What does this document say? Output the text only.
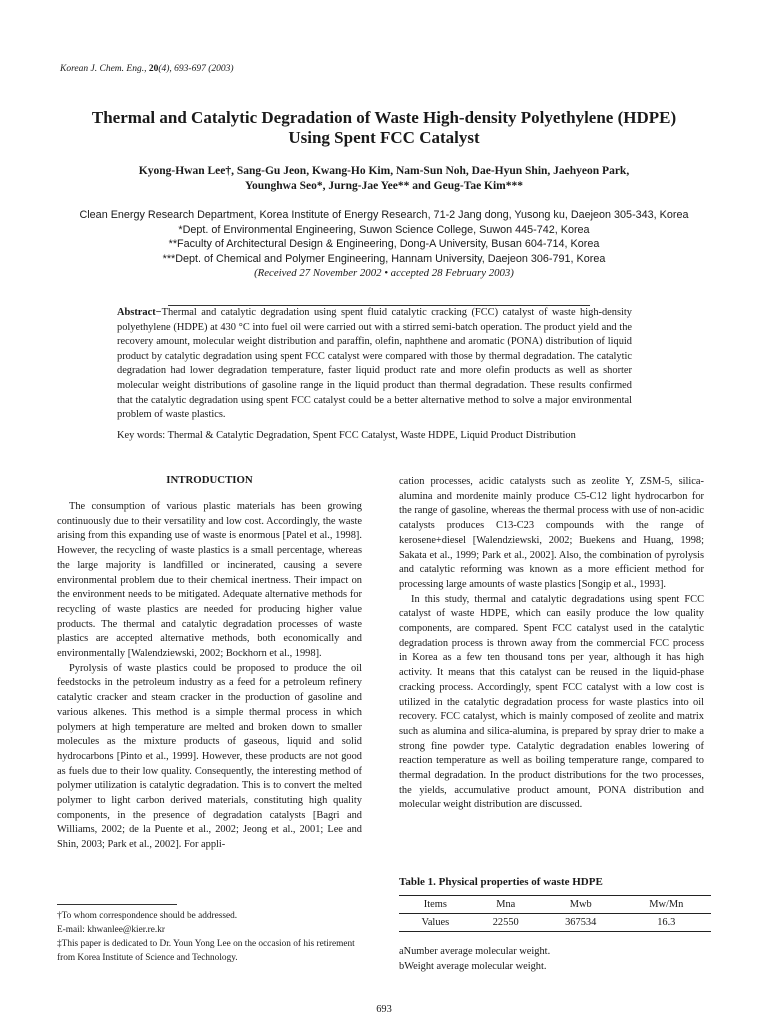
Korean J. Chem. Eng., 20(4), 693-697 (2003)
Thermal and Catalytic Degradation of Waste High-density Polyethylene (HDPE)
Using Spent FCC Catalyst
Kyong-Hwan Lee†, Sang-Gu Jeon, Kwang-Ho Kim, Nam-Sun Noh, Dae-Hyun Shin, Jaehyeon Park,
Younghwa Seo*, Jurng-Jae Yee** and Geug-Tae Kim***
Clean Energy Research Department, Korea Institute of Energy Research, 71-2 Jang dong, Yusong ku, Daejeon 305-343, Korea
*Dept. of Environmental Engineering, Suwon Science College, Suwon 445-742, Korea
**Faculty of Architectural Design & Engineering, Dong-A University, Busan 604-714, Korea
***Dept. of Chemical and Polymer Engineering, Hannam University, Daejeon 306-791, Korea
(Received 27 November 2002 • accepted 28 February 2003)
Abstract−Thermal and catalytic degradation using spent fluid catalytic cracking (FCC) catalyst of waste high-density polyethylene (HDPE) at 430 °C into fuel oil were carried out with a stirred semi-batch operation. The product yield and the recovery amount, molecular weight distribution and paraffin, olefin, naphthene and aromatic (PONA) distribution of liquid product by catalytic degradation using spent FCC catalyst were compared with those by thermal degradation. The catalytic degradation had lower degradation temperature, faster liquid product rate and more olefin products as well as shorter molecular weight distributions of gasoline range in the liquid product than thermal degradation. These results confirmed that the catalytic degradation using spent FCC catalyst could be a better alternative method to solve a major environmental problem of waste plastics.
Key words: Thermal & Catalytic Degradation, Spent FCC Catalyst, Waste HDPE, Liquid Product Distribution
INTRODUCTION

The consumption of various plastic materials has been growing continuously due to their versatility and low cost. Accordingly, the waste arising from this expanding use of waste is enormous [Patel et al., 1998]. However, the recycling of waste plastics is a small percentage, whereas the large majority is landfilled or incinerated, causing a severe environmental problem due to their chemical inertness. Their impact on the environment needs to be mitigated. Adequate alternative methods for recycling of waste plastics are needed for producing higher value products. The thermal and catalytic degradation processes of waste plastics are accepted alternative methods, both economically and environmentally [Walendziewski, 2002; Bockhorn et al., 1998].

Pyrolysis of waste plastics could be proposed to produce the oil feedstocks in the petroleum industry as a feed for a petroleum refinery catalytic cracker and steam cracker in the production of gasoline and various alkenes. This method is a simple thermal process in which polymers at high temperature are melted and broken down to smaller molecules as the mixture products of gaseous, liquid and solid hydrocarbons [Pinto et al., 1999]. However, these products are not good as fuels due to their low quality. Consequently, the interesting method of polymer utilization is catalytic degradation. This is to convert the melted polymer to light carbon derived materials, constituting high quality components, in the presence of degradation catalysts [Bagri and Williams, 2002; de la Puente et al., 2002; Jeong et al., 2001; Lee and Shin, 2003; Park et al., 2002]. For appli-

cation processes, acidic catalysts such as zeolite Y, ZSM-5, silica-alumina and mordenite mainly produce C5-C12 light hydrocarbon for the range of gasoline, whereas the thermal process with use of non-acidic catalysts produces C13-C23 compounds with the range of kerosene+diesel [Walendziewski, 2002; Buekens and Huang, 1998; Sakata et al., 1999; Park et al., 2002]. Also, the combination of pyrolysis and catalytic reforming was known as a more efficient method for processing large amounts of waste plastics [Songip et al., 1993].

In this study, thermal and catalytic degradations using spent FCC catalyst of waste HDPE, which can easily produce the low quality components, are compared. Spent FCC catalyst used in the catalytic degradation process is thrown away from the commercial FCC process in Korea as a few ten thousand tons per year, although it has high activity. It means that this catalyst can be reused in the liquid-phase cracking process. Accordingly, spent FCC catalyst with a low cost is utilized in the catalytic degradation process for waste plastics into oil recovery. FCC catalyst, which is mainly composed of zeolite and matrix such as alumina and silica-alumina, is prepared by spray drier to make a strong fine powder type. Catalytic degradation enables lowering of reaction temperature as well as boiling temperature range, compared to thermal degradation. In the product distributions for the two processes, the yields, accumulative product amount, PONA distribution and molecular weight distribution are discussed.

†To whom correspondence should be addressed.
E-mail: khwanlee@kier.re.kr
‡This paper is dedicated to Dr. Youn Yong Lee on the occasion of his retirement from Korea Institute of Science and Technology.
Table 1. Physical properties of waste HDPE
Items	Mna	Mwb	Mw/Mn
Values	22550	367534	16.3
aNumber average molecular weight.
bWeight average molecular weight.
693
